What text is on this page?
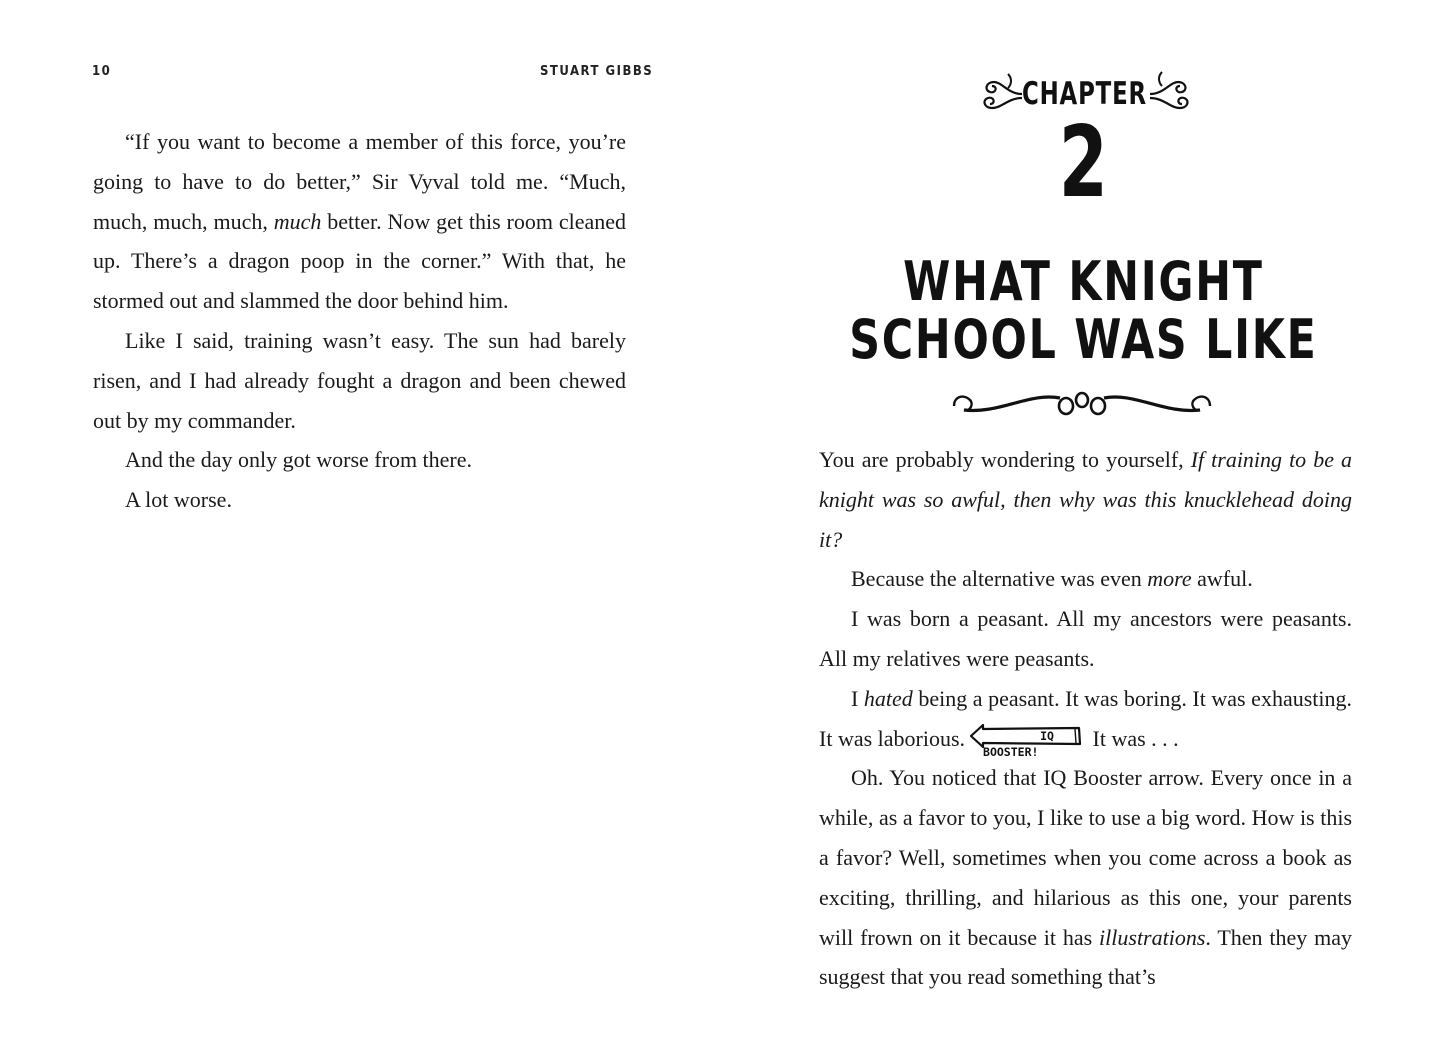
10	STUART GIBBS

“If you want to become a member of this force, you’re going to have to do better,” Sir Vyval told me. “Much, much, much, much, much better. Now get this room cleaned up. There’s a dragon poop in the corner.” With that, he stormed out and slammed the door behind him.

Like I said, training wasn’t easy. The sun had barely risen, and I had already fought a dragon and been chewed out by my commander.

And the day only got worse from there.

A lot worse.

CHAPTER
2
WHAT KNIGHT
SCHOOL WAS LIKE

You are probably wondering to yourself, If training to be a knight was so awful, then why was this knucklehead doing it?

Because the alternative was even more awful.

I was born a peasant. All my ancestors were peasants. All my relatives were peasants.

I hated being a peasant. It was boring. It was exhausting. It was laborious.	IQ BOOSTER!
It was . . .

Oh. You noticed that IQ Booster arrow. Every once in a while, as a favor to you, I like to use a big word. How is this a favor? Well, sometimes when you come across a book as exciting, thrilling, and hilarious as this one, your parents will frown on it because it has illustrations. Then they may suggest that you read something that’s
